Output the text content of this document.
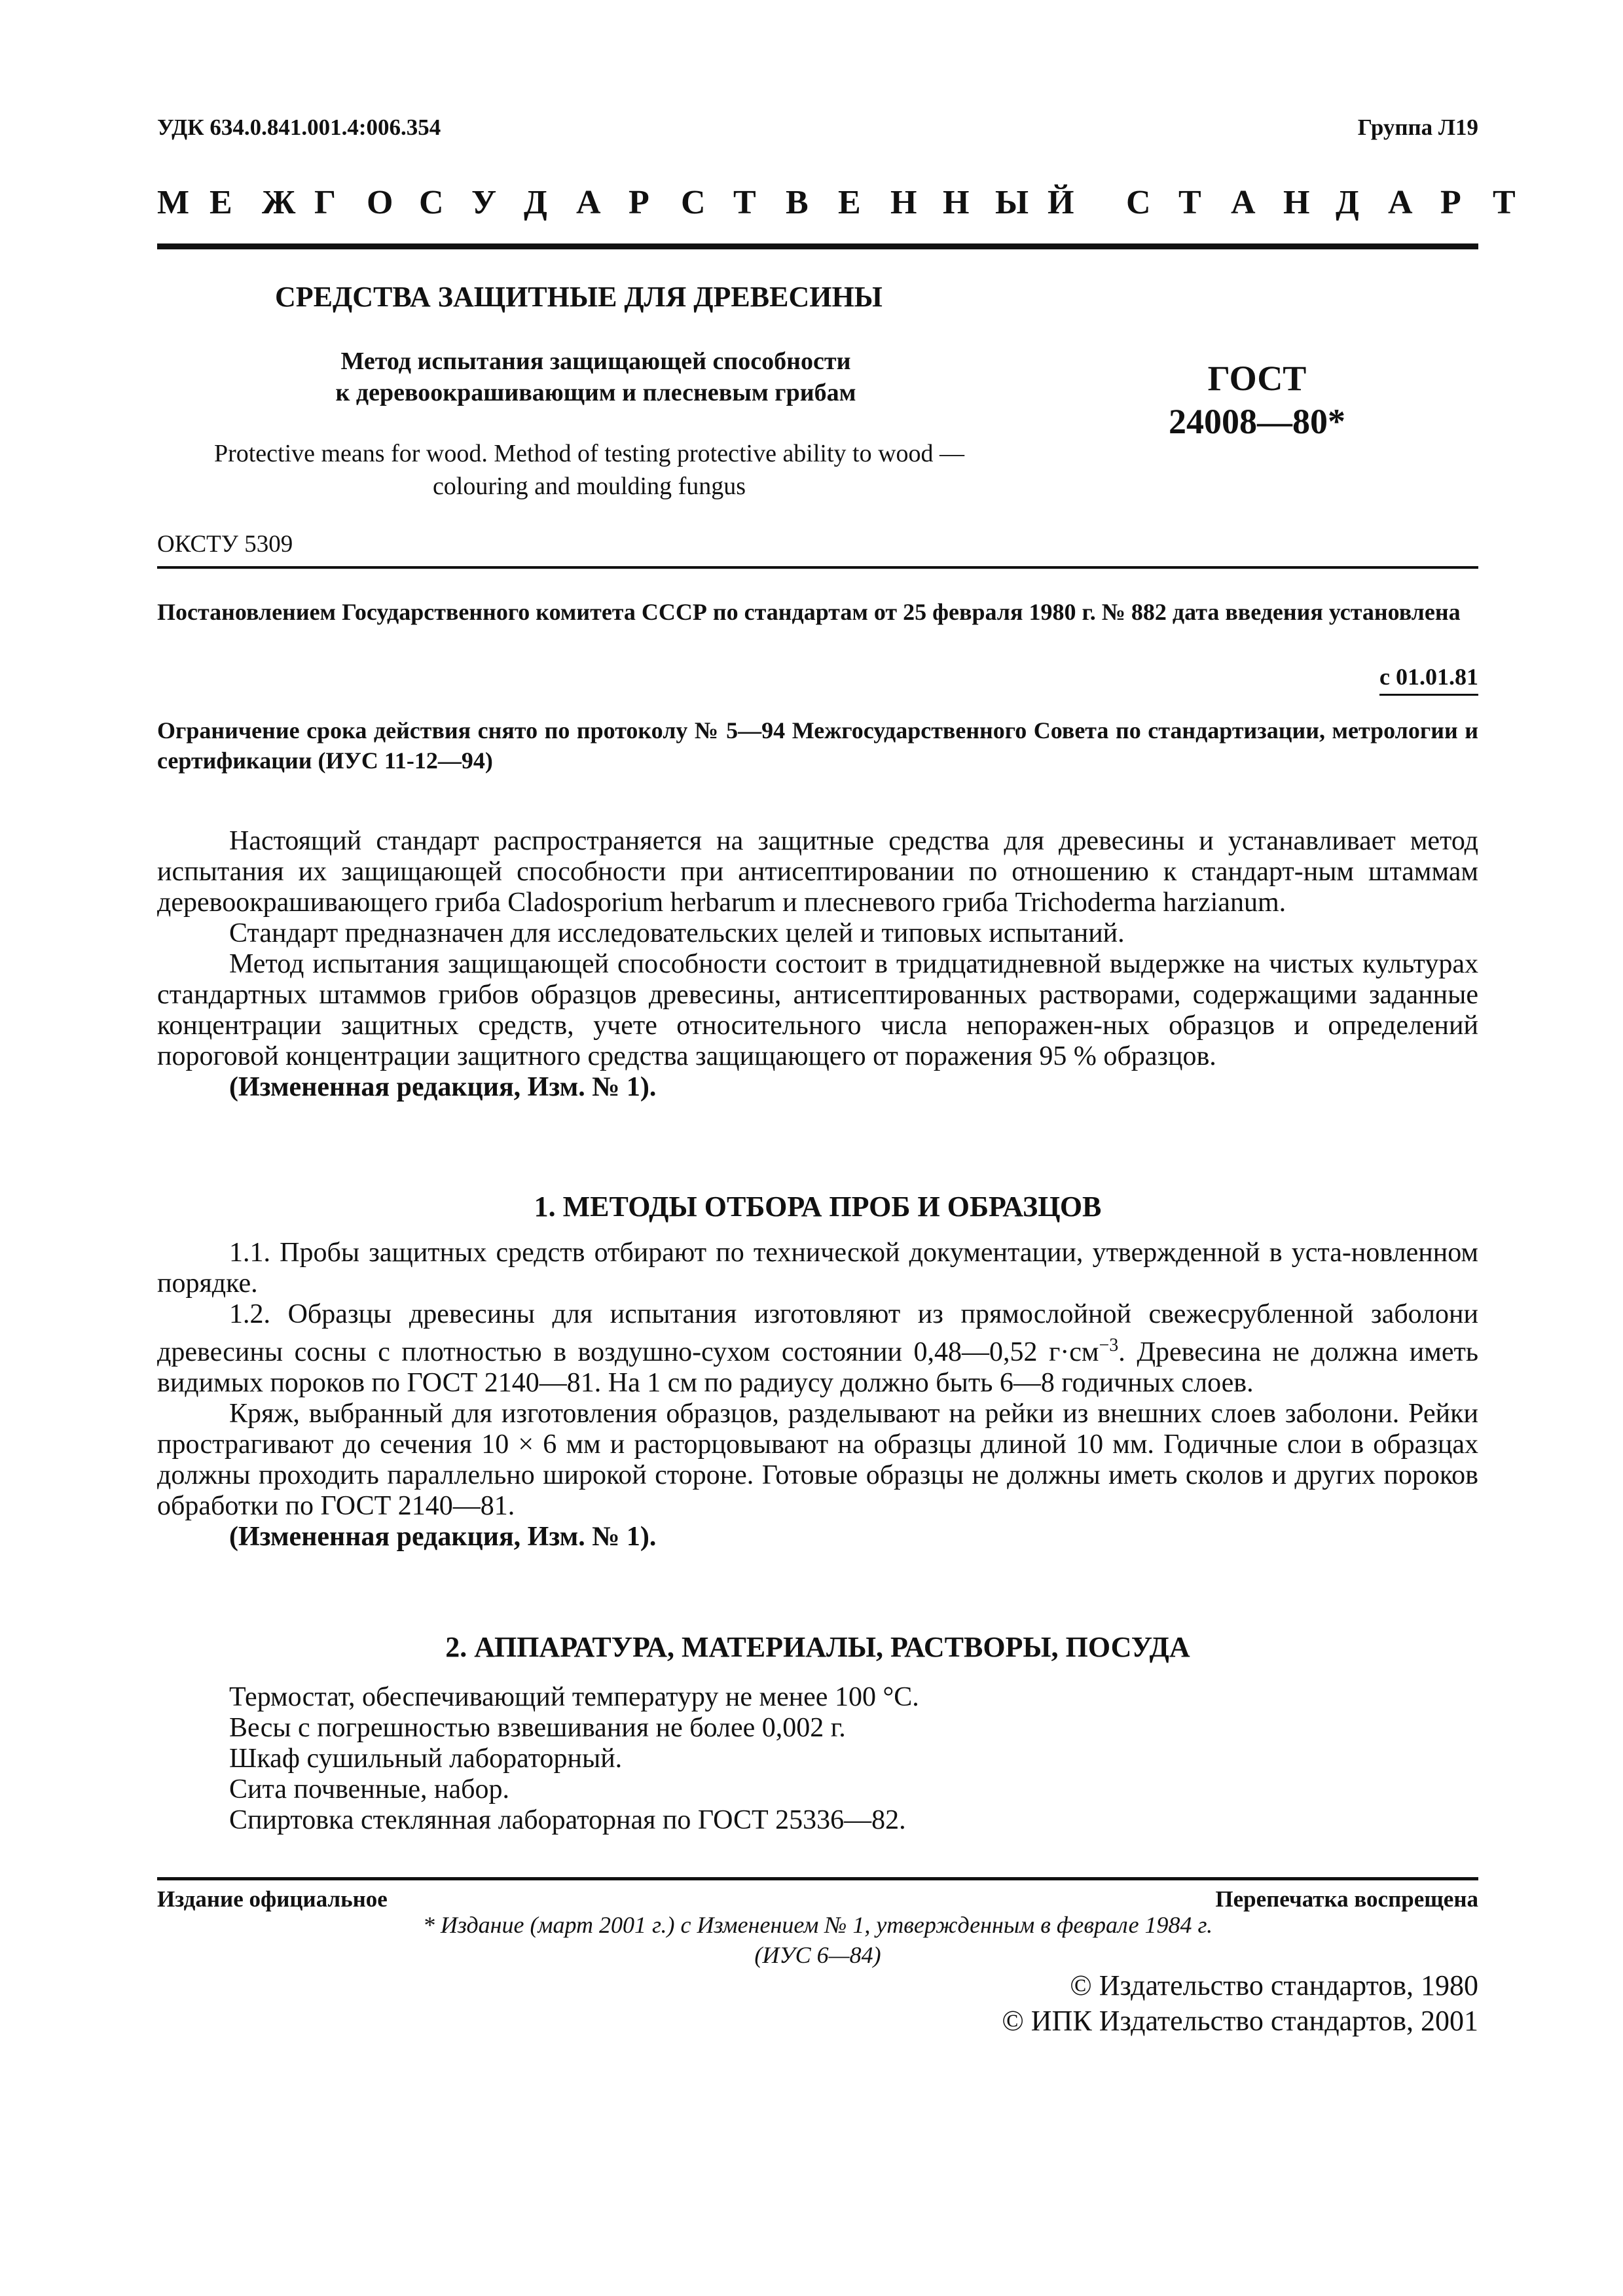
УДК 634.0.841.001.4:006.354	Группа Л19
М Е Ж Г О С У Д А Р С Т В Е Н Н Ы Й	С Т А Н Д А Р Т
СРЕДСТВА ЗАЩИТНЫЕ ДЛЯ ДРЕВЕСИНЫ
Метод испытания защищающей способности
к деревоокрашивающим и плесневым грибам	ГОСТ
24008—80*
Protective means for wood. Method of testing protective ability to wood —
colouring and moulding fungus
ОКСТУ 5309
Постановлением Государственного комитета СССР по стандартам от 25 февраля 1980 г. № 882 дата введения установлена
с 01.01.81
Ограничение срока действия снято по протоколу № 5—94 Межгосударственного Совета по стандартизации, метрологии и сертификации (ИУС 11-12—94)

Настоящий стандарт распространяется на защитные средства для древесины и устанавливает метод испытания их защищающей способности при антисептировании по отношению к стандарт-ным штаммам деревоокрашивающего гриба Cladosporium herbarum и плесневого гриба Trichoderma harzianum.

Стандарт предназначен для исследовательских целей и типовых испытаний.

Метод испытания защищающей способности состоит в тридцатидневной выдержке на чистых культурах стандартных штаммов грибов образцов древесины, антисептированных растворами, содержащими заданные концентрации защитных средств, учете относительного числа непоражен-ных образцов и определений пороговой концентрации защитного средства защищающего от поражения 95 % образцов.

(Измененная редакция, Изм. № 1).

1. МЕТОДЫ ОТБОРА ПРОБ И ОБРАЗЦОВ

1.1. Пробы защитных средств отбирают по технической документации, утвержденной в уста-новленном порядке.

1.2. Образцы древесины для испытания изготовляют из прямослойной свежесрубленной заболони древесины сосны с плотностью в воздушно-сухом состоянии 0,48—0,52 $г\cdot см^{-3}$. Древесина не должна иметь видимых пороков по ГОСТ 2140—81. На 1 см по радиусу должно быть 6—8 годичных слоев.

Кряж, выбранный для изготовления образцов, разделывают на рейки из внешних слоев заболони. Рейки прострагивают до сечения 10 × 6 мм и расторцовывают на образцы длиной 10 мм. Годичные слои в образцах должны проходить параллельно широкой стороне. Готовые образцы не должны иметь сколов и других пороков обработки по ГОСТ 2140—81.

(Измененная редакция, Изм. № 1).

2. АППАРАТУРА, МАТЕРИАЛЫ, РАСТВОРЫ, ПОСУДА

Термостат, обеспечивающий температуру не менее 100 °С.

Весы с погрешностью взвешивания не более 0,002 г.

Шкаф сушильный лабораторный.

Сита почвенные, набор.

Спиртовка стеклянная лабораторная по ГОСТ 25336—82.

Издание официальное	Перепечатка воспрещена
* Издание (март 2001 г.) с Изменением № 1, утвержденным в феврале 1984 г.
(ИУС 6—84)
© Издательство стандартов, 1980
© ИПК Издательство стандартов, 2001
